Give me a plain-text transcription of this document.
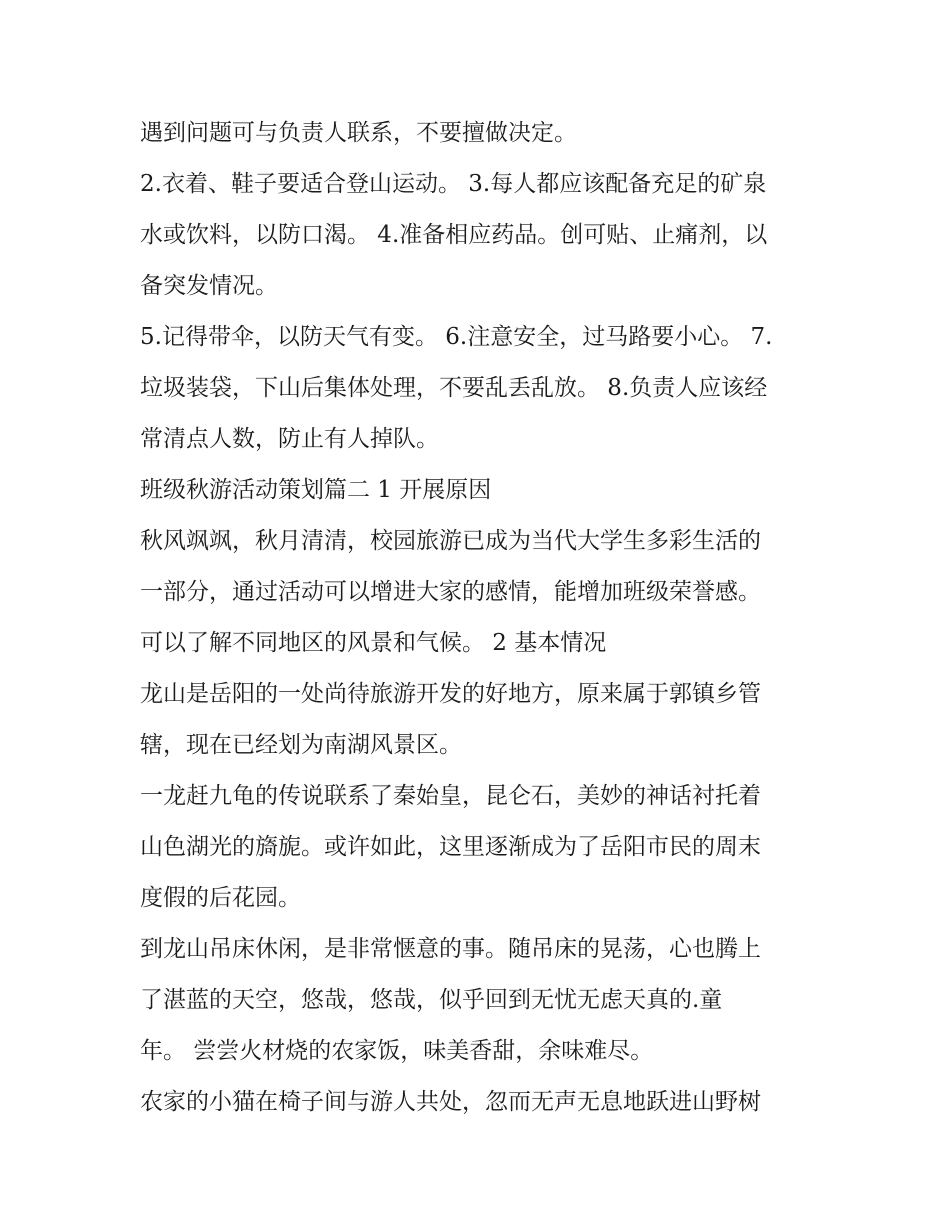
遇到问题可与负责人联系，不要擅做决定。
2.衣着、鞋子要适合登山运动。 3.每人都应该配备充足的矿泉
水或饮料，以防口渴。 4.准备相应药品。创可贴、止痛剂，以
备突发情况。
5.记得带伞，以防天气有变。 6.注意安全，过马路要小心。 7.
垃圾装袋，下山后集体处理，不要乱丢乱放。 8.负责人应该经
常清点人数，防止有人掉队。
班级秋游活动策划篇二 1 开展原因
秋风飒飒，秋月清清，校园旅游已成为当代大学生多彩生活的
一部分，通过活动可以增进大家的感情，能增加班级荣誉感。
可以了解不同地区的风景和气候。 2 基本情况
龙山是岳阳的一处尚待旅游开发的好地方，原来属于郭镇乡管
辖，现在已经划为南湖风景区。
一龙赶九龟的传说联系了秦始皇，昆仑石，美妙的神话衬托着
山色湖光的旖旎。或许如此，这里逐渐成为了岳阳市民的周末
度假的后花园。
到龙山吊床休闲，是非常惬意的事。随吊床的晃荡，心也腾上
了湛蓝的天空，悠哉，悠哉，似乎回到无忧无虑天真的.童
年。 尝尝火材烧的农家饭，味美香甜，余味难尽。
农家的小猫在椅子间与游人共处，忽而无声无息地跃进山野树
